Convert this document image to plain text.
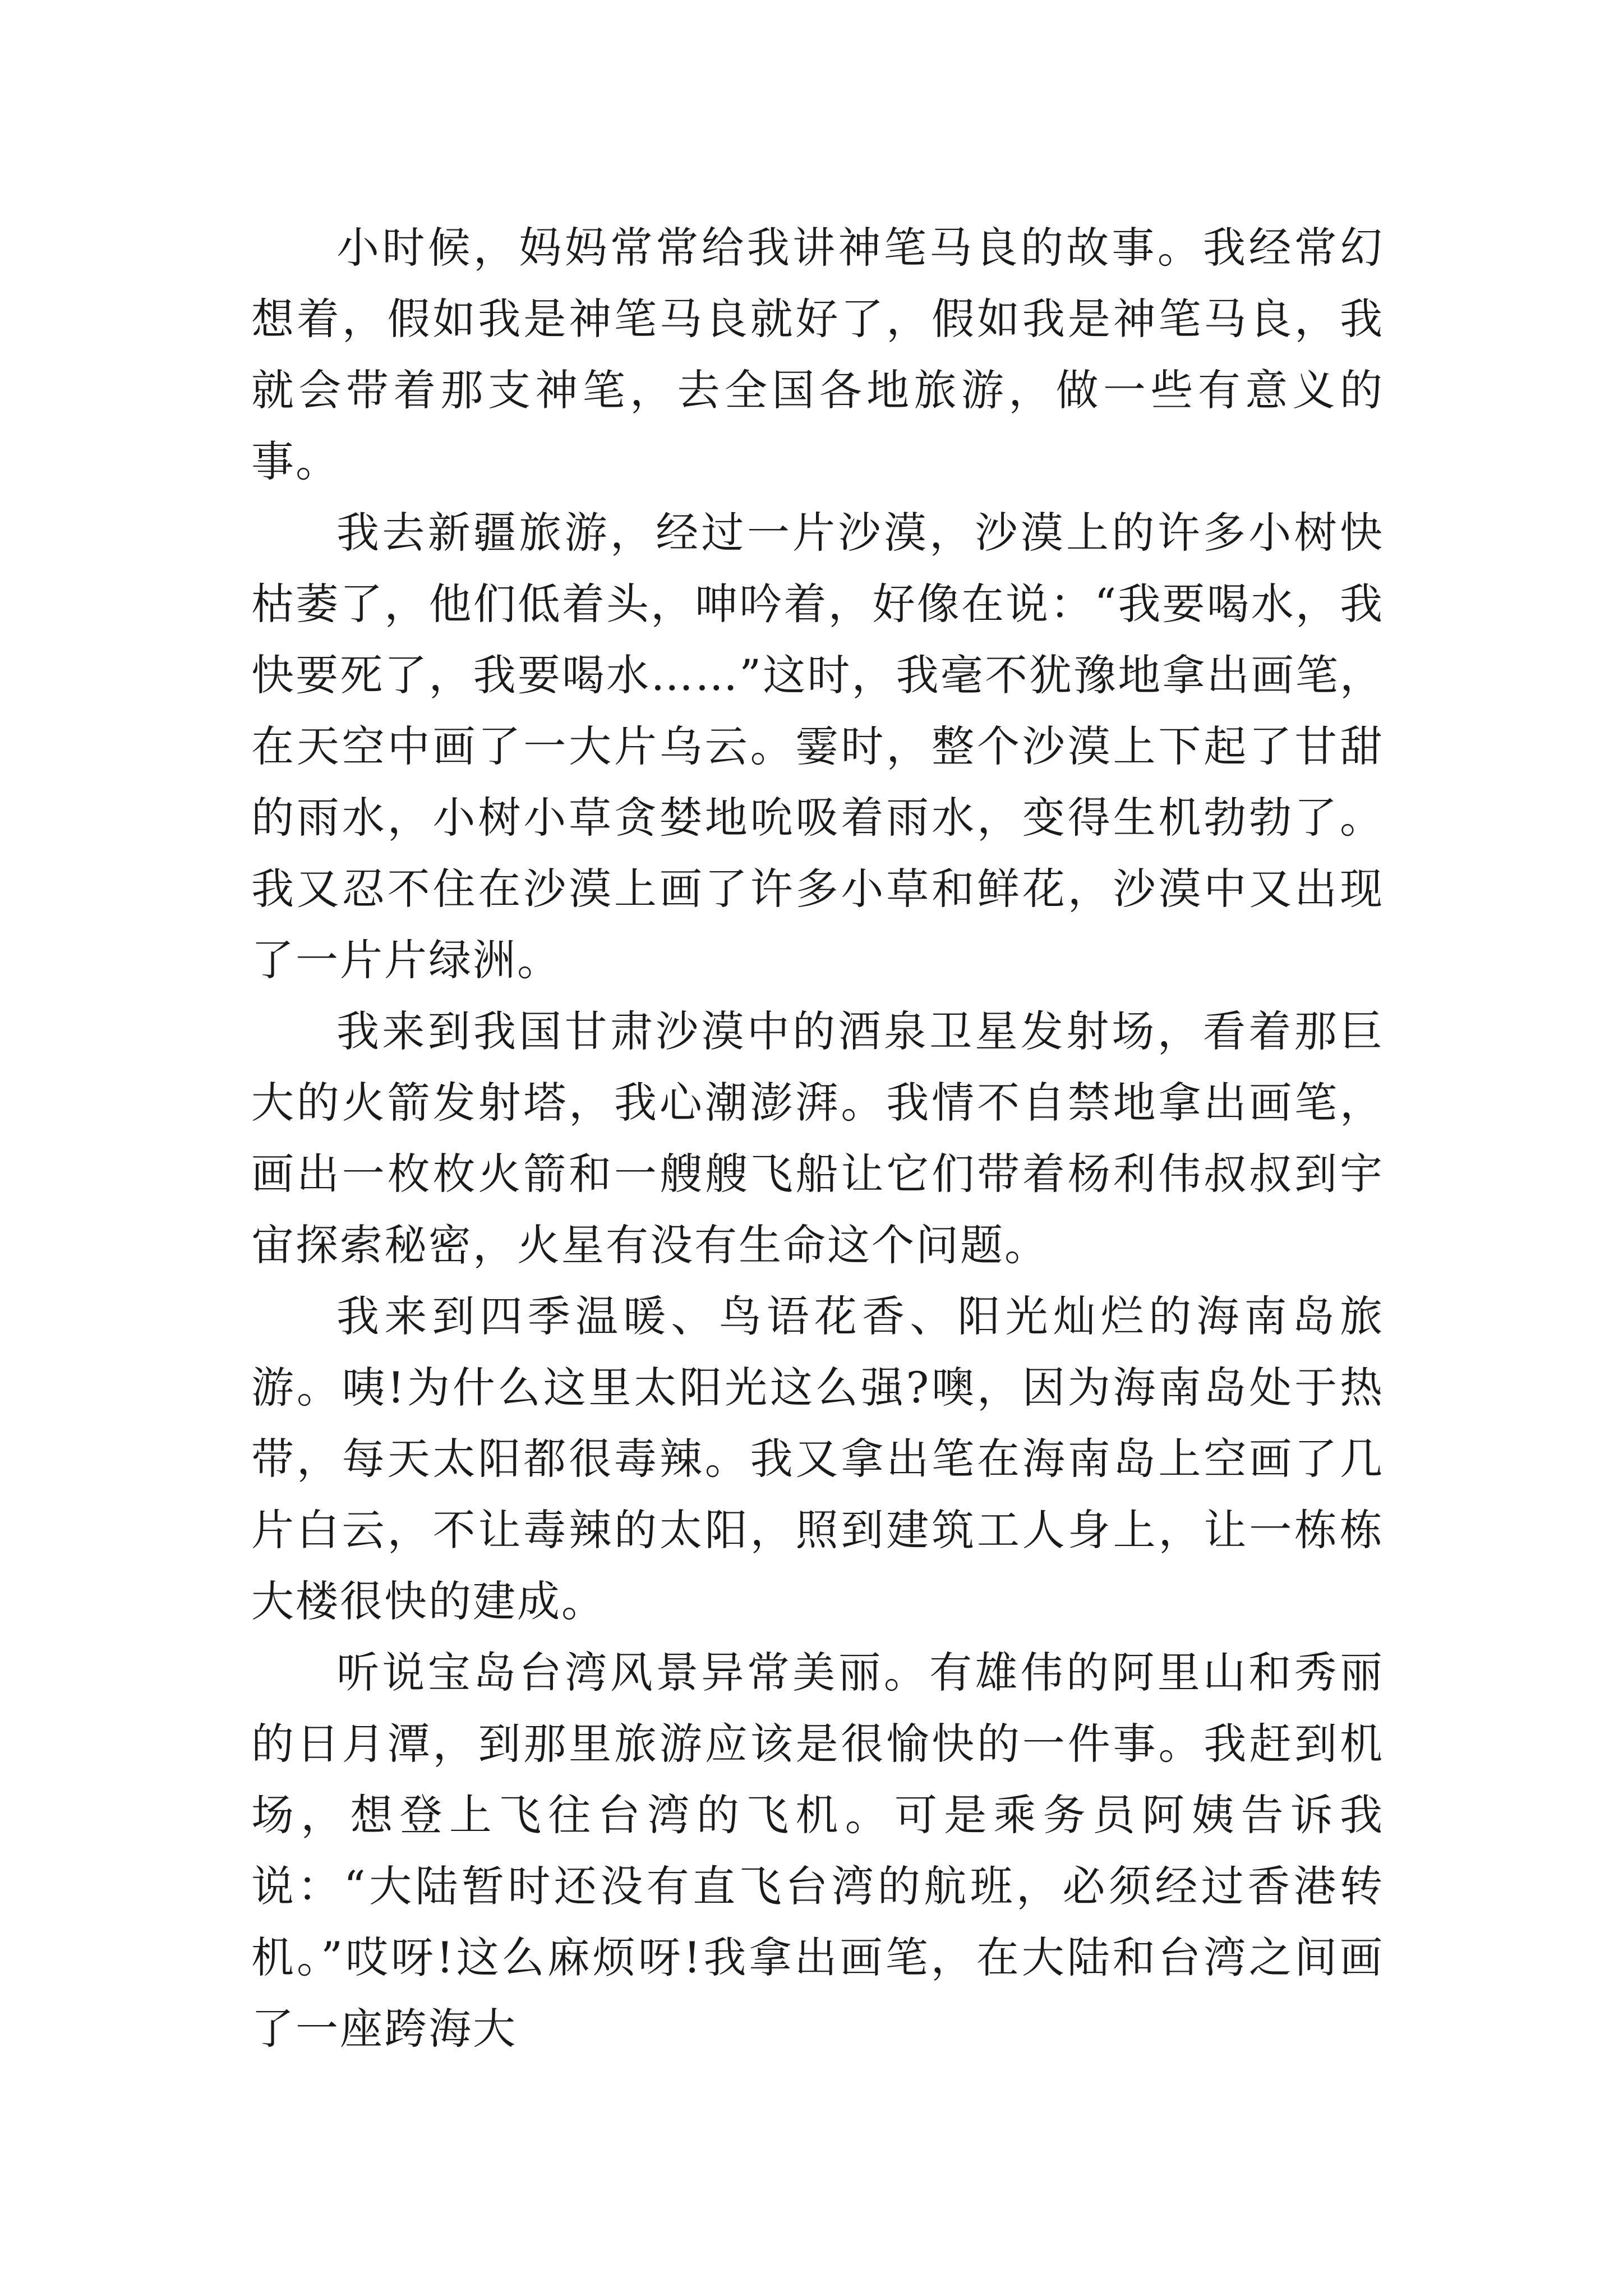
小时候，妈妈常常给我讲神笔马良的故事。我经常幻想着，假如我是神笔马良就好了，假如我是神笔马良，我就会带着那支神笔，去全国各地旅游，做一些有意义的事。

我去新疆旅游，经过一片沙漠，沙漠上的许多小树快枯萎了，他们低着头，呻吟着，好像在说：“我要喝水，我快要死了，我要喝水……”这时，我毫不犹豫地拿出画笔，在天空中画了一大片乌云。霎时，整个沙漠上下起了甘甜的雨水，小树小草贪婪地吮吸着雨水，变得生机勃勃了。我又忍不住在沙漠上画了许多小草和鲜花，沙漠中又出现了一片片绿洲。

我来到我国甘肃沙漠中的酒泉卫星发射场，看着那巨大的火箭发射塔，我心潮澎湃。我情不自禁地拿出画笔，画出一枚枚火箭和一艘艘飞船让它们带着杨利伟叔叔到宇宙探索秘密，火星有没有生命这个问题。

我来到四季温暖、鸟语花香、阳光灿烂的海南岛旅游。咦!为什么这里太阳光这么强?噢，因为海南岛处于热带，每天太阳都很毒辣。我又拿出笔在海南岛上空画了几片白云，不让毒辣的太阳，照到建筑工人身上，让一栋栋大楼很快的建成。

听说宝岛台湾风景异常美丽。有雄伟的阿里山和秀丽的日月潭，到那里旅游应该是很愉快的一件事。我赶到机场，想登上飞往台湾的飞机。可是乘务员阿姨告诉我说：“大陆暂时还没有直飞台湾的航班，必须经过香港转机。”哎呀!这么麻烦呀!我拿出画笔，在大陆和台湾之间画了一座跨海大
